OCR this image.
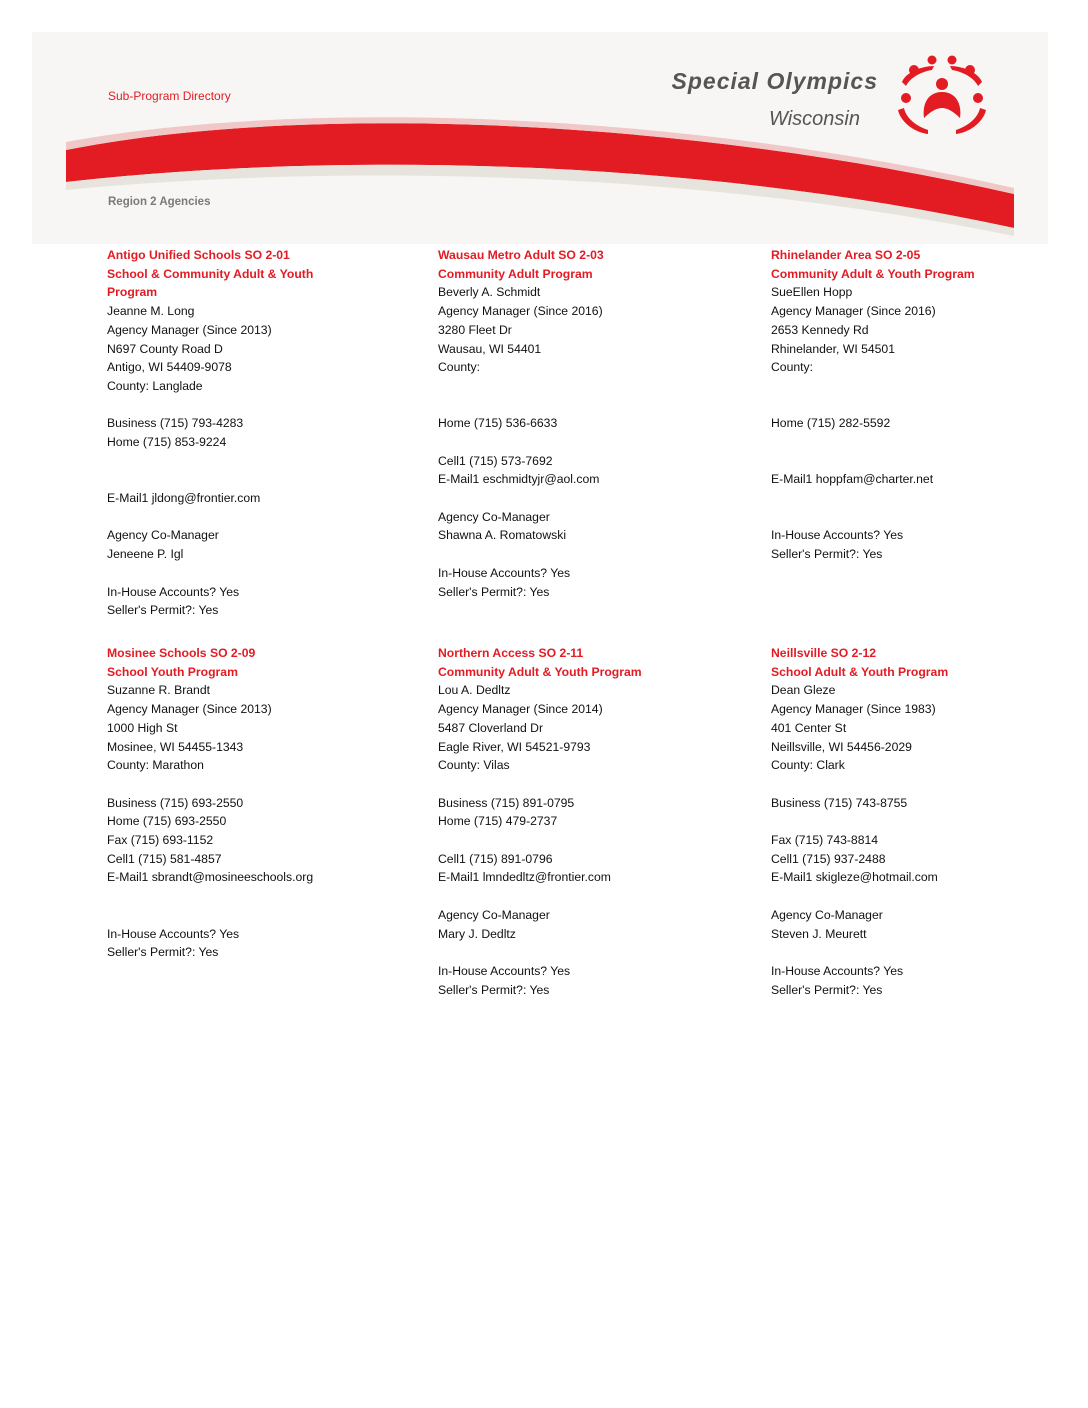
Sub-Program Directory
Region 2 Agencies
Special Olympics
Wisconsin
Antigo Unified Schools SO 2-01
School & Community Adult & Youth Program
Jeanne M. Long
Agency Manager (Since 2013)
N697 County Road D
Antigo, WI 54409-9078
County: Langlade
Business (715) 793-4283
Home (715) 853-9224
E-Mail1 jldong@frontier.com
Agency Co-Manager
Jeneene P. Igl
In-House Accounts? Yes
Seller's Permit?: Yes
Wausau Metro Adult SO 2-03
Community Adult Program
Beverly A. Schmidt
Agency Manager (Since 2016)
3280 Fleet Dr
Wausau, WI 54401
County:
Home (715) 536-6633
Cell1 (715) 573-7692
E-Mail1 eschmidtyjr@aol.com
Agency Co-Manager
Shawna A. Romatowski
In-House Accounts? Yes
Seller's Permit?: Yes
Rhinelander Area SO 2-05
Community Adult & Youth Program
SueEllen Hopp
Agency Manager (Since 2016)
2653 Kennedy Rd
Rhinelander, WI 54501
County:
Home (715) 282-5592
E-Mail1 hoppfam@charter.net
In-House Accounts? Yes
Seller's Permit?: Yes
Mosinee Schools SO 2-09
School Youth Program
Suzanne R. Brandt
Agency Manager (Since 2013)
1000 High St
Mosinee, WI 54455-1343
County: Marathon
Business (715) 693-2550
Home (715) 693-2550
Fax (715) 693-1152
Cell1 (715) 581-4857
E-Mail1 sbrandt@mosineeschools.org
In-House Accounts? Yes
Seller's Permit?: Yes
Northern Access SO 2-11
Community Adult & Youth Program
Lou A. Dedltz
Agency Manager (Since 2014)
5487 Cloverland Dr
Eagle River, WI 54521-9793
County: Vilas
Business (715) 891-0795
Home (715) 479-2737
Cell1 (715) 891-0796
E-Mail1 lmndedltz@frontier.com
Agency Co-Manager
Mary J. Dedltz
In-House Accounts? Yes
Seller's Permit?: Yes
Neillsville SO 2-12
School Adult & Youth Program
Dean Gleze
Agency Manager (Since 1983)
401 Center St
Neillsville, WI 54456-2029
County: Clark
Business (715) 743-8755
Fax (715) 743-8814
Cell1 (715) 937-2488
E-Mail1 skigleze@hotmail.com
Agency Co-Manager
Steven J. Meurett
In-House Accounts? Yes
Seller's Permit?: Yes
